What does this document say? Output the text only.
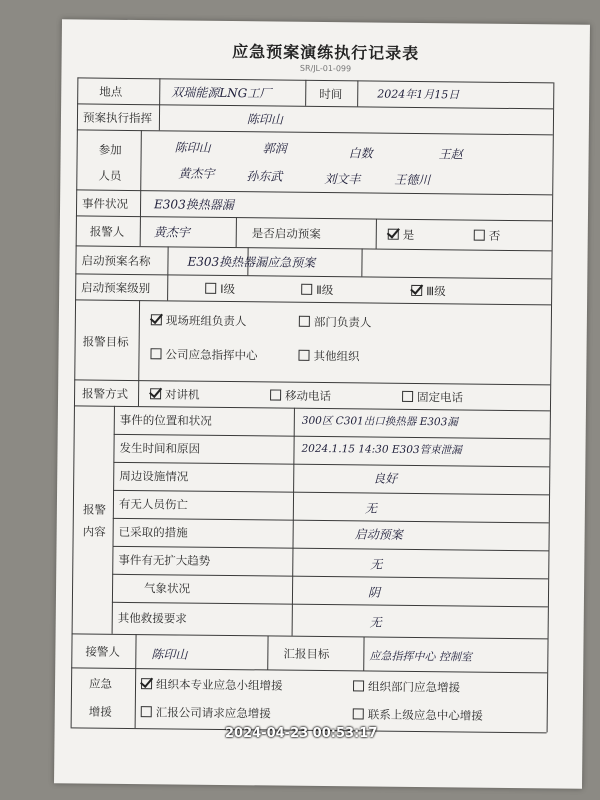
应急预案演练执行记录表
SR/JL-01-099
地点	双瑞能源LNG工厂	时间	2024年1月15日
预案执行指挥	陈印山
参加
人员
陈印山	郭润	白数	王赵
黄杰宇	孙东武	刘文丰	王德川
事件状况 E303换热器漏
报警人 黄杰宇	是否启动预案	是	否
启动预案名称	E303换热器漏应急预案
启动预案级别	Ⅰ级	Ⅱ级	Ⅲ级
报警目标
现场班组负责人	部门负责人
公司应急指挥中心	其他组织
报警方式	对讲机	移动电话	固定电话
报警
内容
事件的位置和状况	300区 C301出口换热器 E303漏
发生时间和原因	2024.1.15 14:30 E303管束泄漏
周边设施情况	良好
有无人员伤亡	无
已采取的措施	启动预案
事件有无扩大趋势	无
气象状况	阴
其他救援要求	无
接警人	陈印山	汇报目标	应急指挥中心 控制室
应急
增援
组织本专业应急小组增援	组织部门应急增援
汇报公司请求应急增援	联系上级应急中心增援
2024-04-23 00:53:17
